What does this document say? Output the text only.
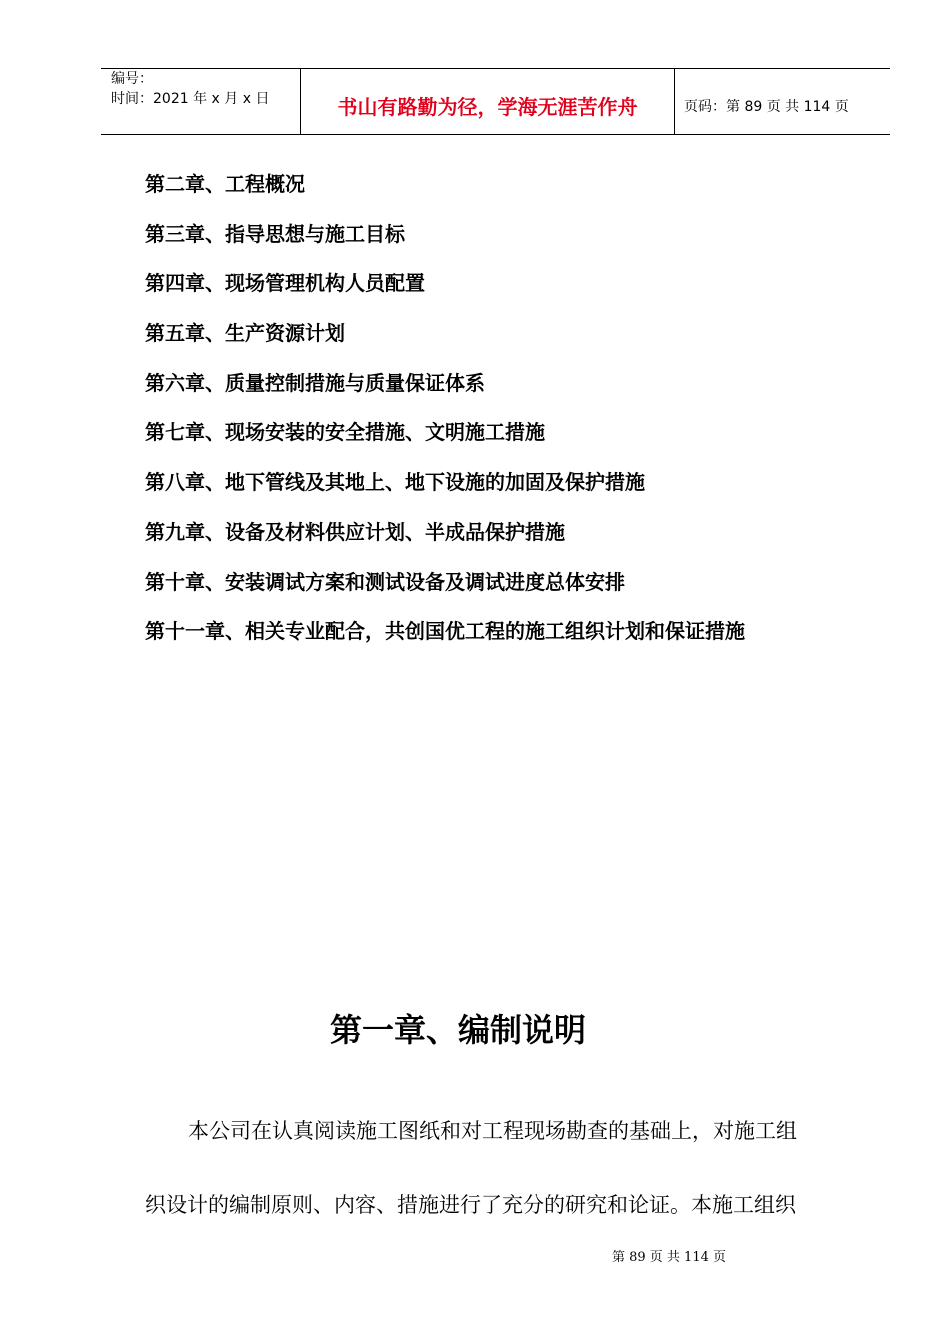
编号：
时间：2021 年 x 月 x 日	书山有路勤为径，学海无涯苦作舟	页码：第 89 页 共 114 页
第二章、工程概况
第三章、指导思想与施工目标
第四章、现场管理机构人员配置
第五章、生产资源计划
第六章、质量控制措施与质量保证体系
第七章、现场安装的安全措施、文明施工措施
第八章、地下管线及其地上、地下设施的加固及保护措施
第九章、设备及材料供应计划、半成品保护措施
第十章、安装调试方案和测试设备及调试进度总体安排
第十一章、相关专业配合，共创国优工程的施工组织计划和保证措施
第一章、编制说明
本公司在认真阅读施工图纸和对工程现场勘查的基础上，对施工组
织设计的编制原则、内容、措施进行了充分的研究和论证。本施工组织
第 89 页 共 114 页
